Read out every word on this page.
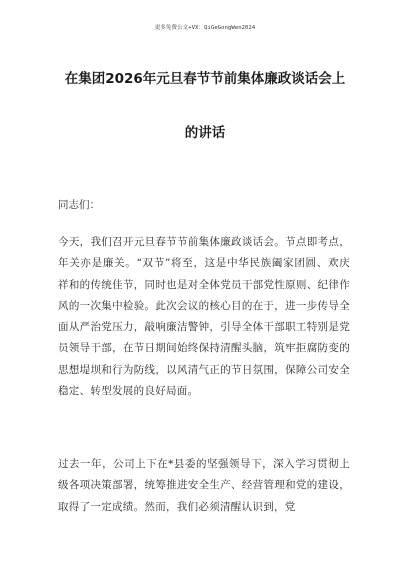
更多免费公文+VX：QiGeGongWen2024
在集团2026年元旦春节节前集体廉政谈话会上
的讲话
同志们：

今天，我们召开元旦春节节前集体廉政谈话会。节点即考点，年关亦是廉关。“双节”将至，这是中华民族阖家团圆、欢庆祥和的传统佳节，同时也是对全体党员干部党性原则、纪律作风的一次集中检验。此次会议的核心目的在于，进一步传导全面从严治党压力，敲响廉洁警钟，引导全体干部职工特别是党员领导干部，在节日期间始终保持清醒头脑，筑牢拒腐防变的思想堤坝和行为防线，以风清气正的节日氛围，保障公司安全稳定、转型发展的良好局面。

过去一年，公司上下在*县委的坚强领导下，深入学习贯彻上级各项决策部署，统筹推进安全生产、经营管理和党的建设，取得了一定成绩。然而，我们必须清醒认识到，党
